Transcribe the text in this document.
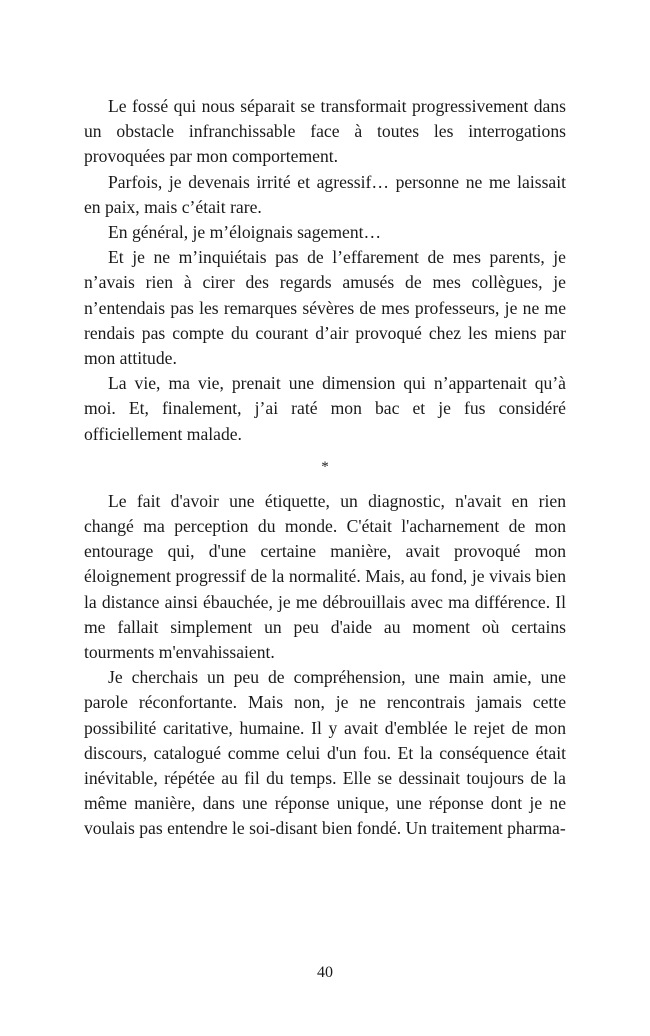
Le fossé qui nous séparait se transformait progressivement dans un obstacle infranchissable face à toutes les interrogations provoquées par mon comportement.

Parfois, je devenais irrité et agressif… personne ne me laissait en paix, mais c’était rare.

En général, je m’éloignais sagement…

Et je ne m’inquiétais pas de l’effarement de mes parents, je n’avais rien à cirer des regards amusés de mes collègues, je n’entendais pas les remarques sévères de mes professeurs, je ne me rendais pas compte du courant d’air provoqué chez les miens par mon attitude.

La vie, ma vie, prenait une dimension qui n’appartenait qu’à moi. Et, finalement, j’ai raté mon bac et je fus considéré officiellement malade.

*

Le fait d'avoir une étiquette, un diagnostic, n'avait en rien changé ma perception du monde. C'était l'acharnement de mon entourage qui, d'une certaine manière, avait provoqué mon éloignement progressif de la normalité. Mais, au fond, je vivais bien la distance ainsi ébauchée, je me débrouillais avec ma différence. Il me fallait simplement un peu d'aide au moment où certains tourments m'envahissaient.

Je cherchais un peu de compréhension, une main amie, une parole réconfortante. Mais non, je ne rencontrais jamais cette possibilité caritative, humaine. Il y avait d'emblée le rejet de mon discours, catalogué comme celui d'un fou. Et la conséquence était inévitable, répétée au fil du temps. Elle se dessinait toujours de la même manière, dans une réponse unique, une réponse dont je ne voulais pas entendre le soi-disant bien fondé. Un traitement pharma-

40
